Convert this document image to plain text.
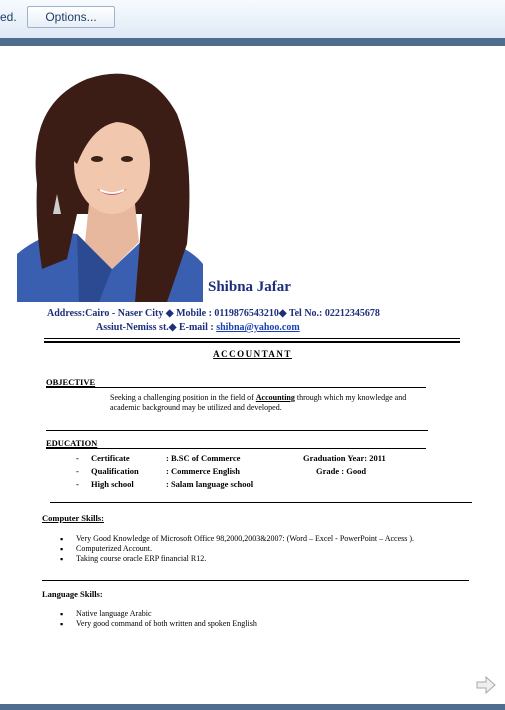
ed.	Options...
Shibna Jafar
Address:Cairo - Naser City ◆ Mobile : 0119876543210◆ Tel No.: 02212345678
Assiut-Nemiss st.◆ E-mail : shibna@yahoo.com
ACCOUNTANT
OBJECTIVE
Seeking a challenging position in the field of Accounting through which my knowledge and academic background may be utilized and developed.
EDUCATION
- Certificate	: B.SC of Commerce	Graduation Year: 2011
- Qualification	: Commerce English	Grade : Good
- High school	: Salam language school
Computer Skills:
▪ Very Good Knowledge of Microsoft Office 98,2000,2003&2007: (Word – Excel - PowerPoint – Access ).
▪ Computerized Account.
▪ Taking course oracle ERP financial R12.
Language Skills:
▪ Native language Arabic
▪ Very good command of both written and spoken English
